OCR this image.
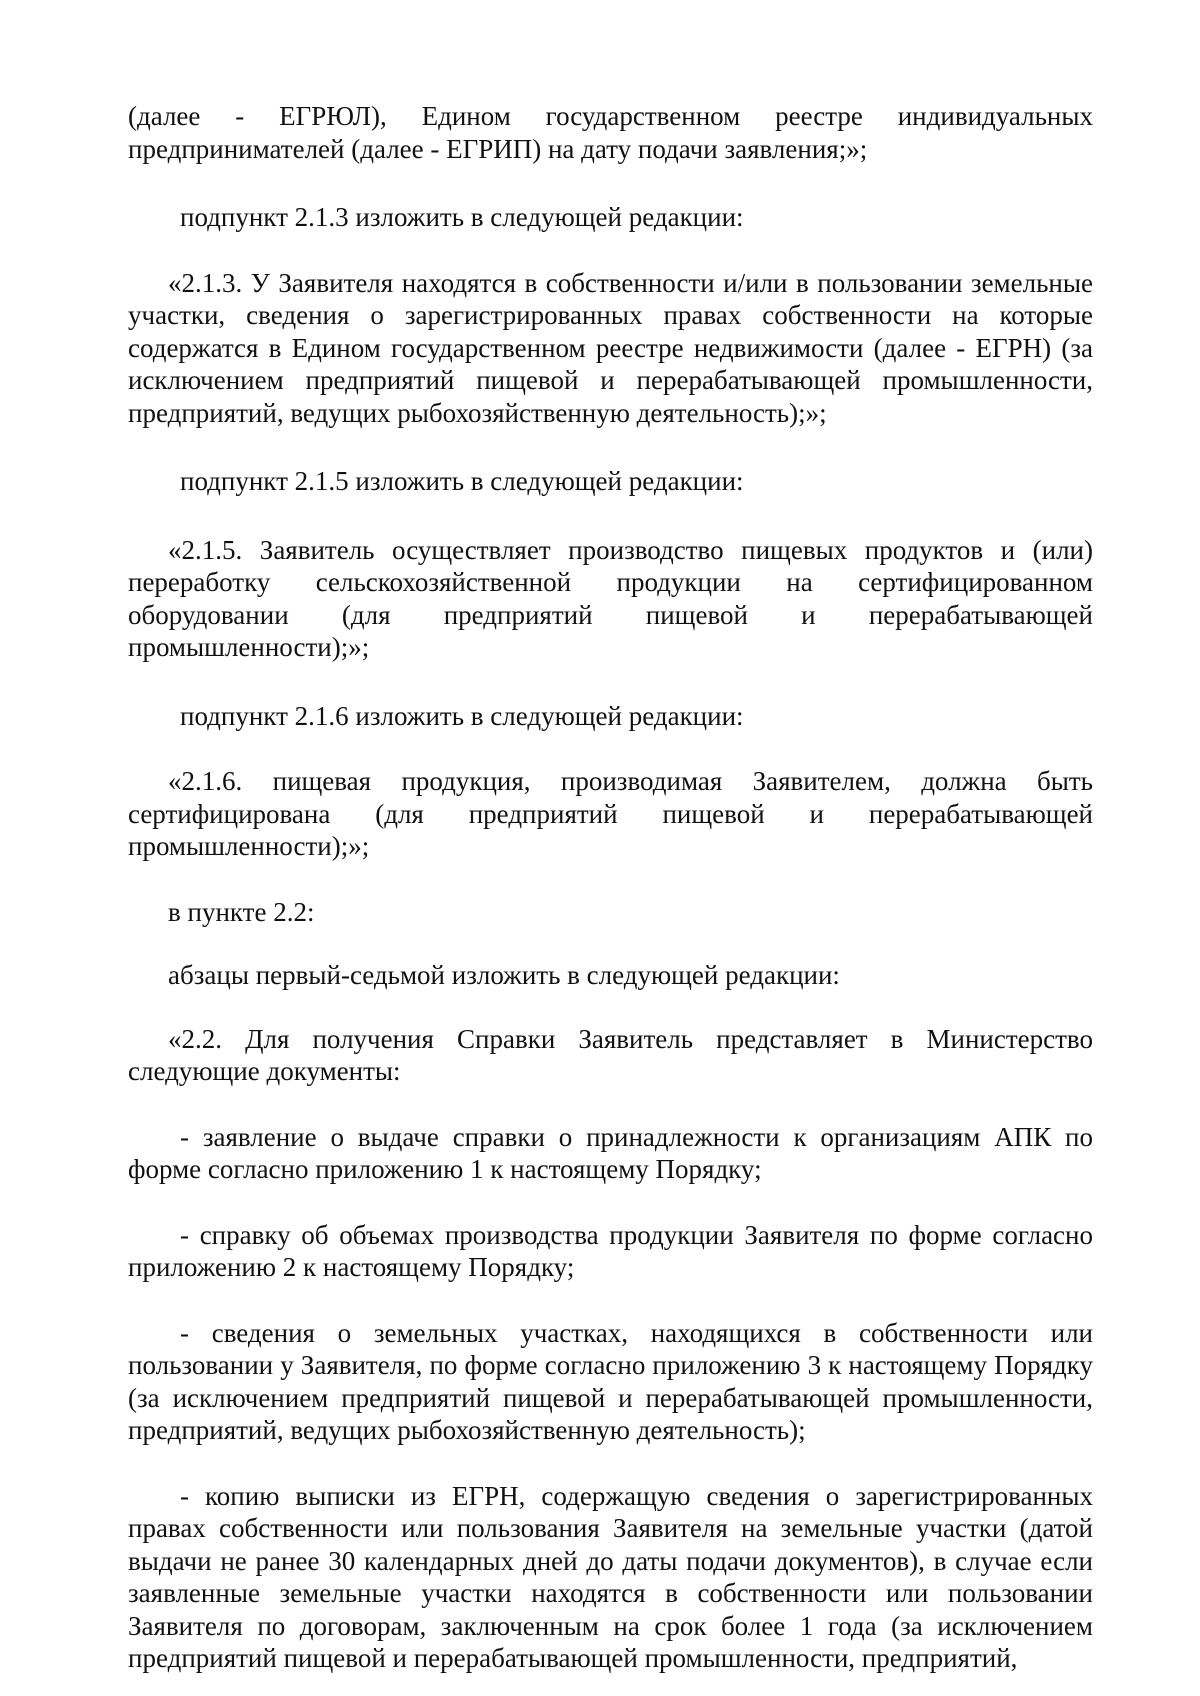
(далее - ЕГРЮЛ), Едином государственном реестре индивидуальных предпринимателей (далее - ЕГРИП) на дату подачи заявления;»;

подпункт 2.1.3 изложить в следующей редакции:

«2.1.3. У Заявителя находятся в собственности и/или в пользовании земельные участки, сведения о зарегистрированных правах собственности на которые содержатся в Едином государственном реестре недвижимости (далее - ЕГРН) (за исключением предприятий пищевой и перерабатывающей промышленности, предприятий, ведущих рыбохозяйственную деятельность);»;

подпункт 2.1.5 изложить в следующей редакции:

«2.1.5. Заявитель осуществляет производство пищевых продуктов и (или) переработку сельскохозяйственной продукции на сертифицированном оборудовании (для предприятий пищевой и перерабатывающей промышленности);»;

подпункт 2.1.6 изложить в следующей редакции:

«2.1.6. пищевая продукция, производимая Заявителем, должна быть сертифицирована (для предприятий пищевой и перерабатывающей промышленности);»;

в пункте 2.2:

абзацы первый-седьмой изложить в следующей редакции:

«2.2. Для получения Справки Заявитель представляет в Министерство следующие документы:

- заявление о выдаче справки о принадлежности к организациям АПК по форме согласно приложению 1 к настоящему Порядку;

- справку об объемах производства продукции Заявителя по форме согласно приложению 2 к настоящему Порядку;

- сведения о земельных участках, находящихся в собственности или пользовании у Заявителя, по форме согласно приложению 3 к настоящему Порядку (за исключением предприятий пищевой и перерабатывающей промышленности, предприятий, ведущих рыбохозяйственную деятельность);

- копию выписки из ЕГРН, содержащую сведения о зарегистрированных правах собственности или пользования Заявителя на земельные участки (датой выдачи не ранее 30 календарных дней до даты подачи документов), в случае если заявленные земельные участки находятся в собственности или пользовании Заявителя по договорам, заключенным на срок более 1 года (за исключением предприятий пищевой и перерабатывающей промышленности, предприятий,
